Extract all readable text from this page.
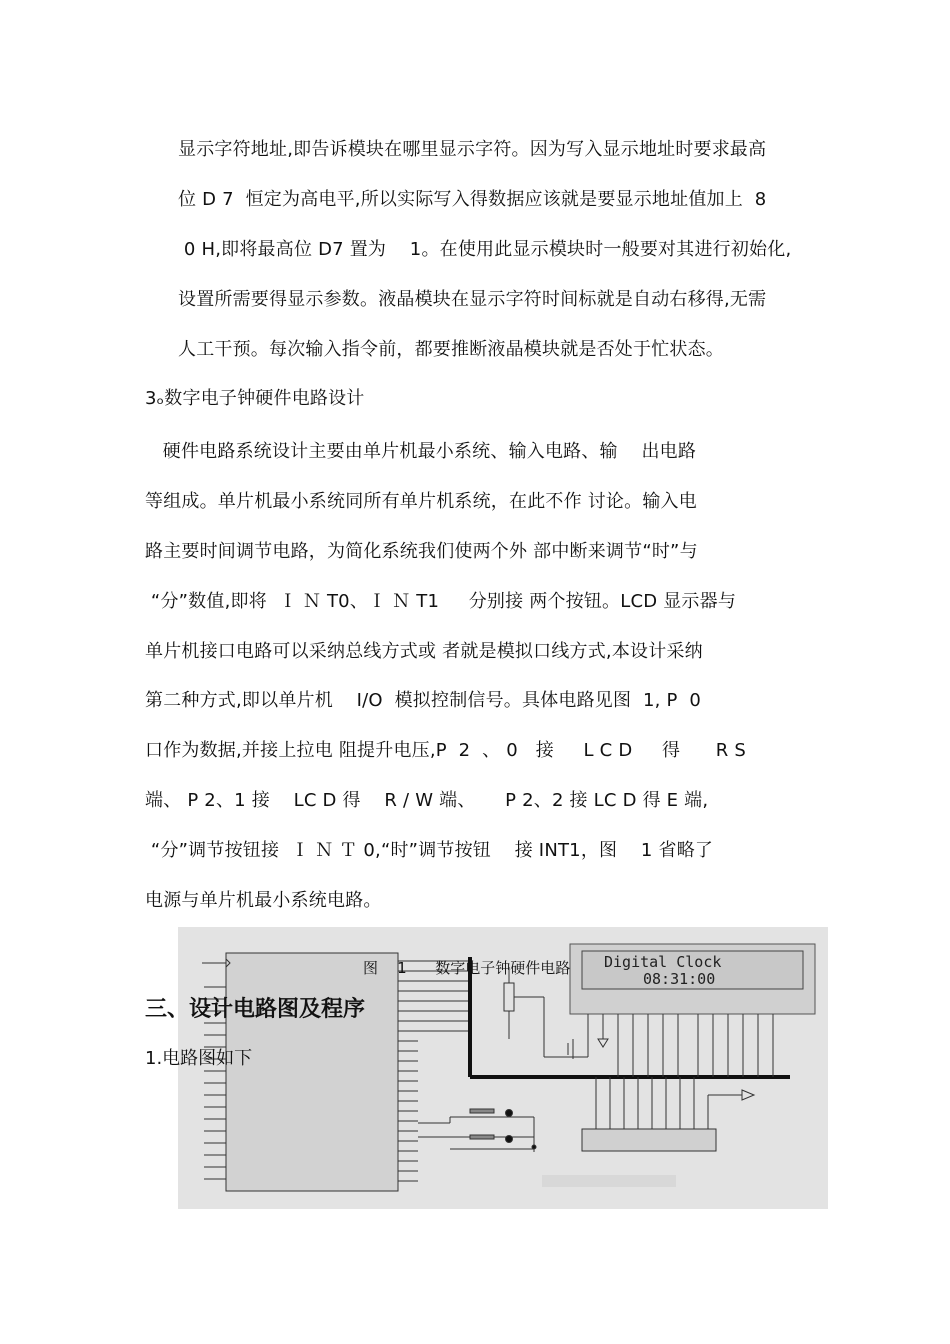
显示字符地址,即告诉模块在哪里显示字符。因为写入显示地址时要求最高
位 D 7  恒定为高电平,所以实际写入得数据应该就是要显示地址值加上  8
0 H,即将最高位 D7 置为    1。在使用此显示模块时一般要对其进行初始化,
设置所需要得显示参数。液晶模块在显示字符时间标就是自动右移得,无需
人工干预。每次输入指令前，都要推断液晶模块就是否处于忙状态。
3ₒ数字电子钟硬件电路设计
硬件电路系统设计主要由单片机最小系统、输入电路、输    出电路
等组成。单片机最小系统同所有单片机系统，在此不作 讨论。输入电
路主要时间调节电路，为简化系统我们使两个外 部中断来调节“时”与
“分”数值,即将  Ｉ Ｎ T0、Ｉ Ｎ T1     分别接 两个按钮。LCD 显示器与
单片机接口电路可以采纳总线方式或 者就是模拟口线方式,本设计采纳
第二种方式,即以单片机    I/O  模拟控制信号。具体电路见图  1, P  0
口作为数据,并接上拉电 阻提升电压,P  2  、 0   接     L C D     得      R S
端、 P 2、1 接    LC D 得    R / W 端、     P 2、2 接 LC D 得 E 端,
“分”调节按钮接  Ｉ Ｎ Ｔ 0,“时”调节按钮    接 INT1，图    1 省略了
电源与单片机最小系统电路。
Digital Clock
08:31:00
图    1      数字电子钟硬件电路
三、设计电路图及程序
1.电路图如下
